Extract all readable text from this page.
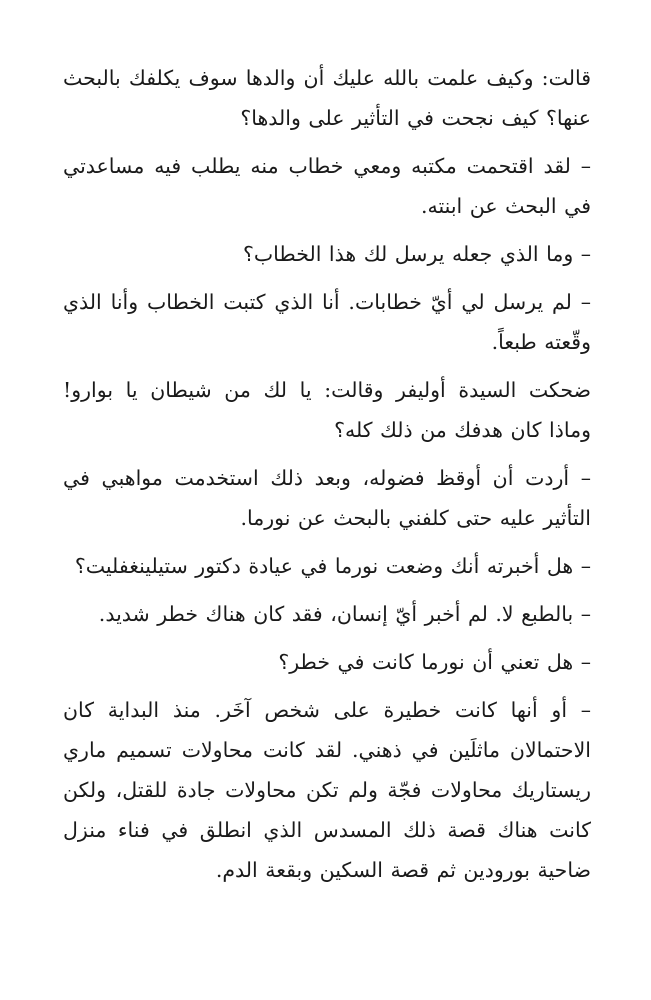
قالت: وكيف علمت بالله عليك أن والدها سوف يكلفك بالبحث عنها؟ كيف نجحت في التأثير على والدها؟

– لقد اقتحمت مكتبه ومعي خطاب منه يطلب فيه مساعدتي في البحث عن ابنته.

– وما الذي جعله يرسل لك هذا الخطاب؟

– لم يرسل لي أيّ خطابات. أنا الذي كتبت الخطاب وأنا الذي وقّعته طبعاً.

ضحكت السيدة أوليفر وقالت: يا لك من شيطان يا بوارو! وماذا كان هدفك من ذلك كله؟

– أردت أن أوقظ فضوله، وبعد ذلك استخدمت مواهبي في التأثير عليه حتى كلفني بالبحث عن نورما.

– هل أخبرته أنك وضعت نورما في عيادة دكتور ستيلينغفليت؟

– بالطبع لا. لم أخبر أيّ إنسان، فقد كان هناك خطر شديد.

– هل تعني أن نورما كانت في خطر؟

– أو أنها كانت خطيرة على شخص آخَر. منذ البداية كان الاحتمالان ماثلَين في ذهني. لقد كانت محاولات تسميم ماري ريستاريك محاولات فجّة ولم تكن محاولات جادة للقتل، ولكن كانت هناك قصة ذلك المسدس الذي انطلق في فناء منزل ضاحية بورودين ثم قصة السكين وبقعة الدم.
